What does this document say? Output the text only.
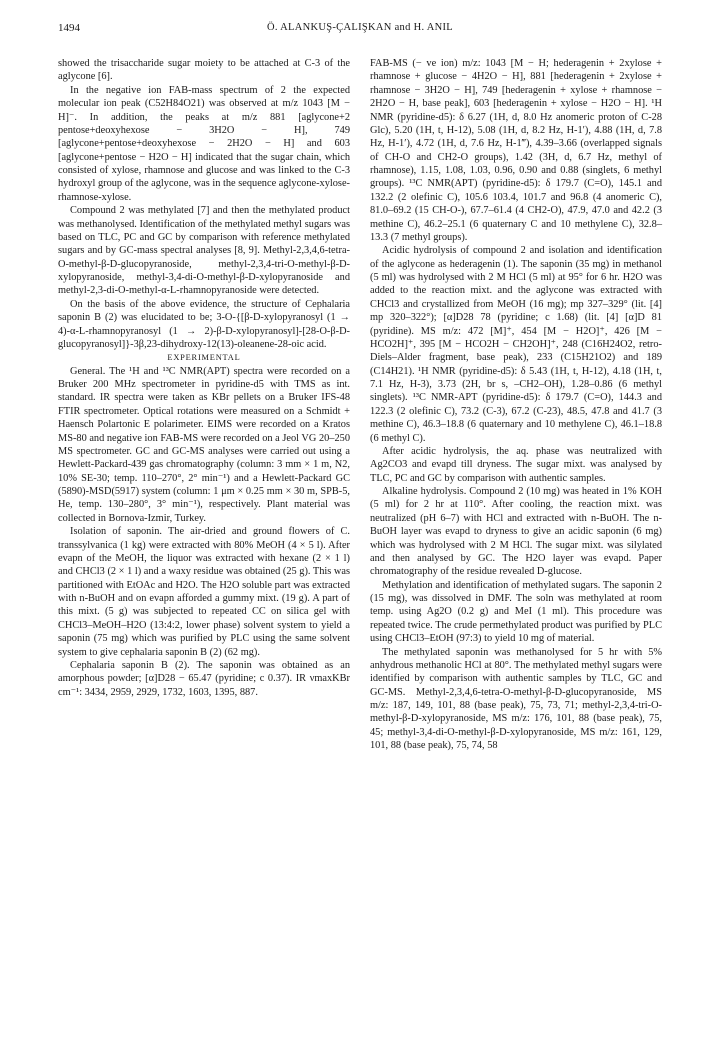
1494	Ö. ALANKUŞ-ÇALIŞKAN and H. ANIL

showed the trisaccharide sugar moiety to be attached at C-3 of the aglycone [6].

In the negative ion FAB-mass spectrum of 2 the expected molecular ion peak (C52H84O21) was observed at m/z 1043 [M − H]⁻. In addition, the peaks at m/z 881 [aglycone+2 pentose+deoxyhexose − 3H2O − H], 749 [aglycone+pentose+deoxyhexose − 2H2O − H] and 603 [aglycone+pentose − H2O − H] indicated that the sugar chain, which consisted of xylose, rhamnose and glucose and was linked to the C-3 hydroxyl group of the aglycone, was in the sequence aglycone-xylose-rhamnose-xylose.

Compound 2 was methylated [7] and then the methylated product was methanolysed. Identification of the methylated methyl sugars was based on TLC, PC and GC by comparison with reference methylated sugars and by GC-mass spectral analyses [8, 9]. Methyl-2,3,4,6-tetra-O-methyl-β-D-glucopyranoside, methyl-2,3,4-tri-O-methyl-β-D-xylopyranoside, methyl-3,4-di-O-methyl-β-D-xylopyranoside and methyl-2,3-di-O-methyl-α-L-rhamnopyranoside were detected.

On the basis of the above evidence, the structure of Cephalaria saponin B (2) was elucidated to be; 3-O-{[β-D-xylopyranosyl (1 → 4)-α-L-rhamnopyranosyl (1 → 2)-β-D-xylopyranosyl]-[28-O-β-D-glucopyranosyl]}-3β,23-dihydroxy-12(13)-oleanene-28-oic acid.

EXPERIMENTAL

General. The ¹H and ¹³C NMR(APT) spectra were recorded on a Bruker 200 MHz spectrometer in pyridine-d5 with TMS as int. standard. IR spectra were taken as KBr pellets on a Bruker IFS-48 FTIR spectrometer. Optical rotations were measured on a Schmidt + Haensch Polartonic E polarimeter. EIMS were recorded on a Kratos MS-80 and negative ion FAB-MS were recorded on a Jeol VG 20–250 MS spectrometer. GC and GC-MS analyses were carried out using a Hewlett-Packard-439 gas chromatography (column: 3 mm × 1 m, N2, 10% SE-30; temp. 110–270°, 2° min⁻¹) and a Hewlett-Packard GC (5890)-MSD(5917) system (column: 1 μm × 0.25 mm × 30 m, SPB-5, He, temp. 130–280°, 3° min⁻¹), respectively. Plant material was collected in Bornova-Izmir, Turkey.

Isolation of saponin. The air-dried and ground flowers of C. transsylvanica (1 kg) were extracted with 80% MeOH (4 × 5 l). After evapn of the MeOH, the liquor was extracted with hexane (2 × 1 l) and CHCl3 (2 × 1 l) and a waxy residue was obtained (25 g). This was partitioned with EtOAc and H2O. The H2O soluble part was extracted with n-BuOH and on evapn afforded a gummy mixt. (19 g). A part of this mixt. (5 g) was subjected to repeated CC on silica gel with CHCl3–MeOH–H2O (13:4:2, lower phase) solvent system to yield a saponin (75 mg) which was purified by PLC using the same solvent system to give cephalaria saponin B (2) (62 mg).

Cephalaria saponin B (2). The saponin was obtained as an amorphous powder; [α]D28 − 65.47 (pyridine; c 0.37). IR νmaxKBr cm⁻¹: 3434, 2959, 2929, 1732, 1603, 1395, 887.

FAB-MS (− ve ion) m/z: 1043 [M − H; hederagenin + 2xylose + rhamnose + glucose − 4H2O − H], 881 [hederagenin + 2xylose + rhamnose − 3H2O − H], 749 [hederagenin + xylose + rhamnose − 2H2O − H, base peak], 603 [hederagenin + xylose − H2O − H]. ¹H NMR (pyridine-d5): δ 6.27 (1H, d, 8.0 Hz anomeric proton of C-28 Glc), 5.20 (1H, t, H-12), 5.08 (1H, d, 8.2 Hz, H-1′), 4.88 (1H, d, 7.8 Hz, H-1′), 4.72 (1H, d, 7.6 Hz, H-1‴), 4.39–3.66 (overlapped signals of CH-O and CH2-O groups), 1.42 (3H, d, 6.7 Hz, methyl of rhamnose), 1.15, 1.08, 1.03, 0.96, 0.90 and 0.88 (singlets, 6 methyl groups). ¹³C NMR(APT) (pyridine-d5): δ 179.7 (C=O), 145.1 and 132.2 (2 olefinic C), 105.6 103.4, 101.7 and 96.8 (4 anomeric C), 81.0–69.2 (15 CH-O-), 67.7–61.4 (4 CH2-O), 47.9, 47.0 and 42.2 (3 methine C), 46.2–25.1 (6 quaternary C and 10 methylene C), 32.8–13.3 (7 methyl groups).

Acidic hydrolysis of compound 2 and isolation and identification of the aglycone as hederagenin (1). The saponin (35 mg) in methanol (5 ml) was hydrolysed with 2 M HCl (5 ml) at 95° for 6 hr. H2O was added to the reaction mixt. and the aglycone was extracted with CHCl3 and crystallized from MeOH (16 mg); mp 327–329° (lit. [4] mp 320–322°); [α]D28 78 (pyridine; c 1.68) (lit. [4] [α]D 81 (pyridine). MS m/z: 472 [M]⁺, 454 [M − H2O]⁺, 426 [M − HCO2H]⁺, 395 [M − HCO2H − CH2OH]⁺, 248 (C16H24O2, retro-Diels–Alder fragment, base peak), 233 (C15H21O2) and 189 (C14H21). ¹H NMR (pyridine-d5): δ 5.43 (1H, t, H-12), 4.18 (1H, t, 7.1 Hz, H-3), 3.73 (2H, br s, –CH2–OH), 1.28–0.86 (6 methyl singlets). ¹³C NMR-APT (pyridine-d5): δ 179.7 (C=O), 144.3 and 122.3 (2 olefinic C), 73.2 (C-3), 67.2 (C-23), 48.5, 47.8 and 41.7 (3 methine C), 46.3–18.8 (6 quaternary and 10 methylene C), 46.1–18.8 (6 methyl C).

After acidic hydrolysis, the aq. phase was neutralized with Ag2CO3 and evapd till dryness. The sugar mixt. was analysed by TLC, PC and GC by comparison with authentic samples.

Alkaline hydrolysis. Compound 2 (10 mg) was heated in 1% KOH (5 ml) for 2 hr at 110°. After cooling, the reaction mixt. was neutralized (pH 6–7) with HCl and extracted with n-BuOH. The n-BuOH layer was evapd to dryness to give an acidic saponin (6 mg) which was hydrolysed with 2 M HCl. The sugar mixt. was silylated and then analysed by GC. The H2O layer was evapd. Paper chromatography of the residue revealed D-glucose.

Methylation and identification of methylated sugars. The saponin 2 (15 mg), was dissolved in DMF. The soln was methylated at room temp. using Ag2O (0.2 g) and MeI (1 ml). This procedure was repeated twice. The crude permethylated product was purified by PLC using CHCl3–EtOH (97:3) to yield 10 mg of material.

The methylated saponin was methanolysed for 5 hr with 5% anhydrous methanolic HCl at 80°. The methylated methyl sugars were identified by comparison with authentic samples by TLC, GC and GC-MS. Methyl-2,3,4,6-tetra-O-methyl-β-D-glucopyranoside, MS m/z: 187, 149, 101, 88 (base peak), 75, 73, 71; methyl-2,3,4-tri-O-methyl-β-D-xylopyranoside, MS m/z: 176, 101, 88 (base peak), 75, 45; methyl-3,4-di-O-methyl-β-D-xylopyranoside, MS m/z: 161, 129, 101, 88 (base peak), 75, 74, 58
